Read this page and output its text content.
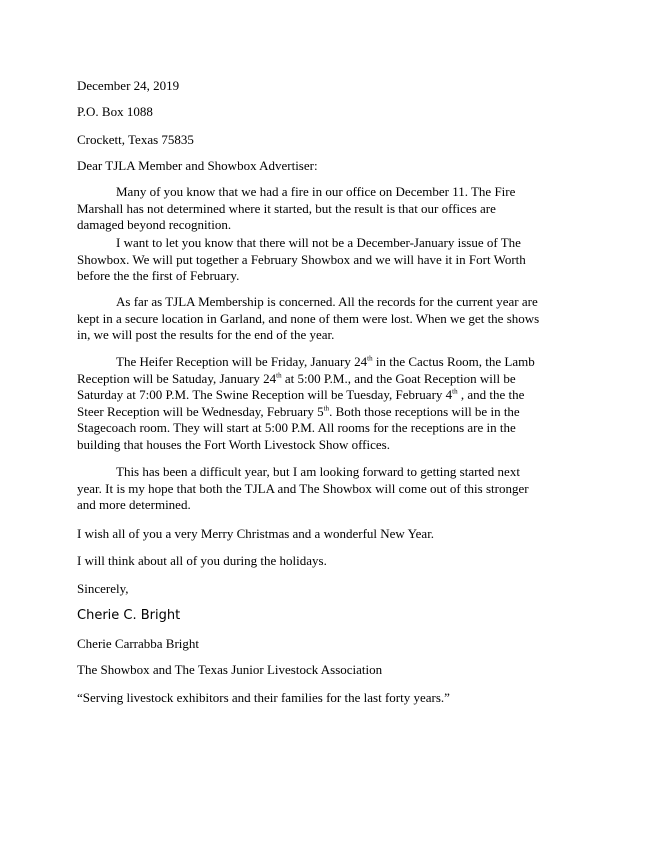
December 24, 2019
P.O. Box 1088
Crockett, Texas 75835
Dear TJLA Member and Showbox Advertiser:
Many of you know that we had a fire in our office on December 11. The Fire
Marshall has not determined where it started, but the result is that our offices are
damaged beyond recognition.
I want to let you know that there will not be a December-January issue of The
Showbox. We will put together a February Showbox and we will have it in Fort Worth
before the the first of February.
As far as TJLA Membership is concerned. All the records for the current year are
kept in a secure location in Garland, and none of them were lost. When we get the shows
in, we will post the results for the end of the year.
The Heifer Reception will be Friday, January 24th in the Cactus Room, the Lamb
Reception will be Satuday, January 24th at 5:00 P.M., and the Goat Reception will be
Saturday at 7:00 P.M. The Swine Reception will be Tuesday, February 4th , and the the
Steer Reception will be Wednesday, February 5th. Both those receptions will be in the
Stagecoach room. They will start at 5:00 P.M. All rooms for the receptions are in the
building that houses the Fort Worth Livestock Show offices.
This has been a difficult year, but I am looking forward to getting started next
year. It is my hope that both the TJLA and The Showbox will come out of this stronger
and more determined.
I wish all of you a very Merry Christmas and a wonderful New Year.
I will think about all of you during the holidays.
Sincerely,
Cherie C. Bright
Cherie Carrabba Bright
The Showbox and The Texas Junior Livestock Association
“Serving livestock exhibitors and their families for the last forty years.”
